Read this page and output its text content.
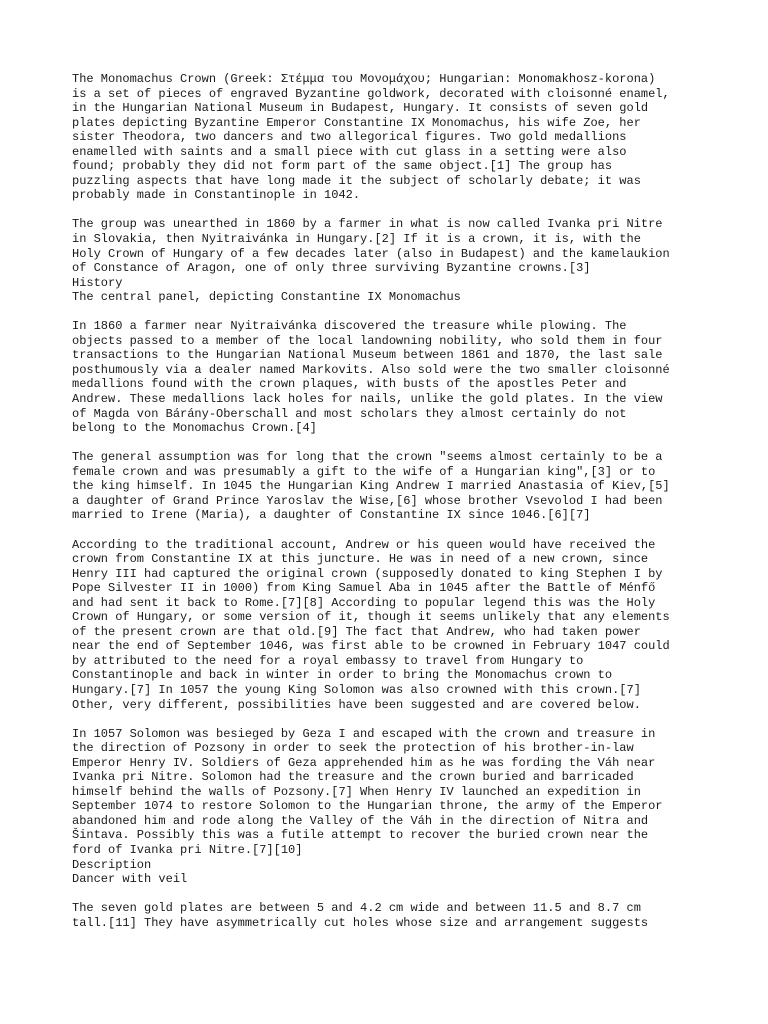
The Monomachus Crown (Greek: Στέμμα του Μονομάχου; Hungarian: Monomakhosz-korona)
is a set of pieces of engraved Byzantine goldwork, decorated with cloisonné enamel,
in the Hungarian National Museum in Budapest, Hungary. It consists of seven gold
plates depicting Byzantine Emperor Constantine IX Monomachus, his wife Zoe, her
sister Theodora, two dancers and two allegorical figures. Two gold medallions
enamelled with saints and a small piece with cut glass in a setting were also
found; probably they did not form part of the same object.[1] The group has
puzzling aspects that have long made it the subject of scholarly debate; it was
probably made in Constantinople in 1042.
The group was unearthed in 1860 by a farmer in what is now called Ivanka pri Nitre
in Slovakia, then Nyitraivánka in Hungary.[2] If it is a crown, it is, with the
Holy Crown of Hungary of a few decades later (also in Budapest) and the kamelaukion
of Constance of Aragon, one of only three surviving Byzantine crowns.[3]
History
The central panel, depicting Constantine IX Monomachus
In 1860 a farmer near Nyitraivánka discovered the treasure while plowing. The
objects passed to a member of the local landowning nobility, who sold them in four
transactions to the Hungarian National Museum between 1861 and 1870, the last sale
posthumously via a dealer named Markovits. Also sold were the two smaller cloisonné
medallions found with the crown plaques, with busts of the apostles Peter and
Andrew. These medallions lack holes for nails, unlike the gold plates. In the view
of Magda von Bárány-Oberschall and most scholars they almost certainly do not
belong to the Monomachus Crown.[4]
The general assumption was for long that the crown "seems almost certainly to be a
female crown and was presumably a gift to the wife of a Hungarian king",[3] or to
the king himself. In 1045 the Hungarian King Andrew I married Anastasia of Kiev,[5]
a daughter of Grand Prince Yaroslav the Wise,[6] whose brother Vsevolod I had been
married to Irene (Maria), a daughter of Constantine IX since 1046.[6][7]
According to the traditional account, Andrew or his queen would have received the
crown from Constantine IX at this juncture. He was in need of a new crown, since
Henry III had captured the original crown (supposedly donated to king Stephen I by
Pope Silvester II in 1000) from King Samuel Aba in 1045 after the Battle of Ménfő
and had sent it back to Rome.[7][8] According to popular legend this was the Holy
Crown of Hungary, or some version of it, though it seems unlikely that any elements
of the present crown are that old.[9] The fact that Andrew, who had taken power
near the end of September 1046, was first able to be crowned in February 1047 could
by attributed to the need for a royal embassy to travel from Hungary to
Constantinople and back in winter in order to bring the Monomachus crown to
Hungary.[7] In 1057 the young King Solomon was also crowned with this crown.[7]
Other, very different, possibilities have been suggested and are covered below.
In 1057 Solomon was besieged by Geza I and escaped with the crown and treasure in
the direction of Pozsony in order to seek the protection of his brother-in-law
Emperor Henry IV. Soldiers of Geza apprehended him as he was fording the Váh near
Ivanka pri Nitre. Solomon had the treasure and the crown buried and barricaded
himself behind the walls of Pozsony.[7] When Henry IV launched an expedition in
September 1074 to restore Solomon to the Hungarian throne, the army of the Emperor
abandoned him and rode along the Valley of the Váh in the direction of Nitra and
Šintava. Possibly this was a futile attempt to recover the buried crown near the
ford of Ivanka pri Nitre.[7][10]
Description
Dancer with veil
The seven gold plates are between 5 and 4.2 cm wide and between 11.5 and 8.7 cm
tall.[11] They have asymmetrically cut holes whose size and arrangement suggests
